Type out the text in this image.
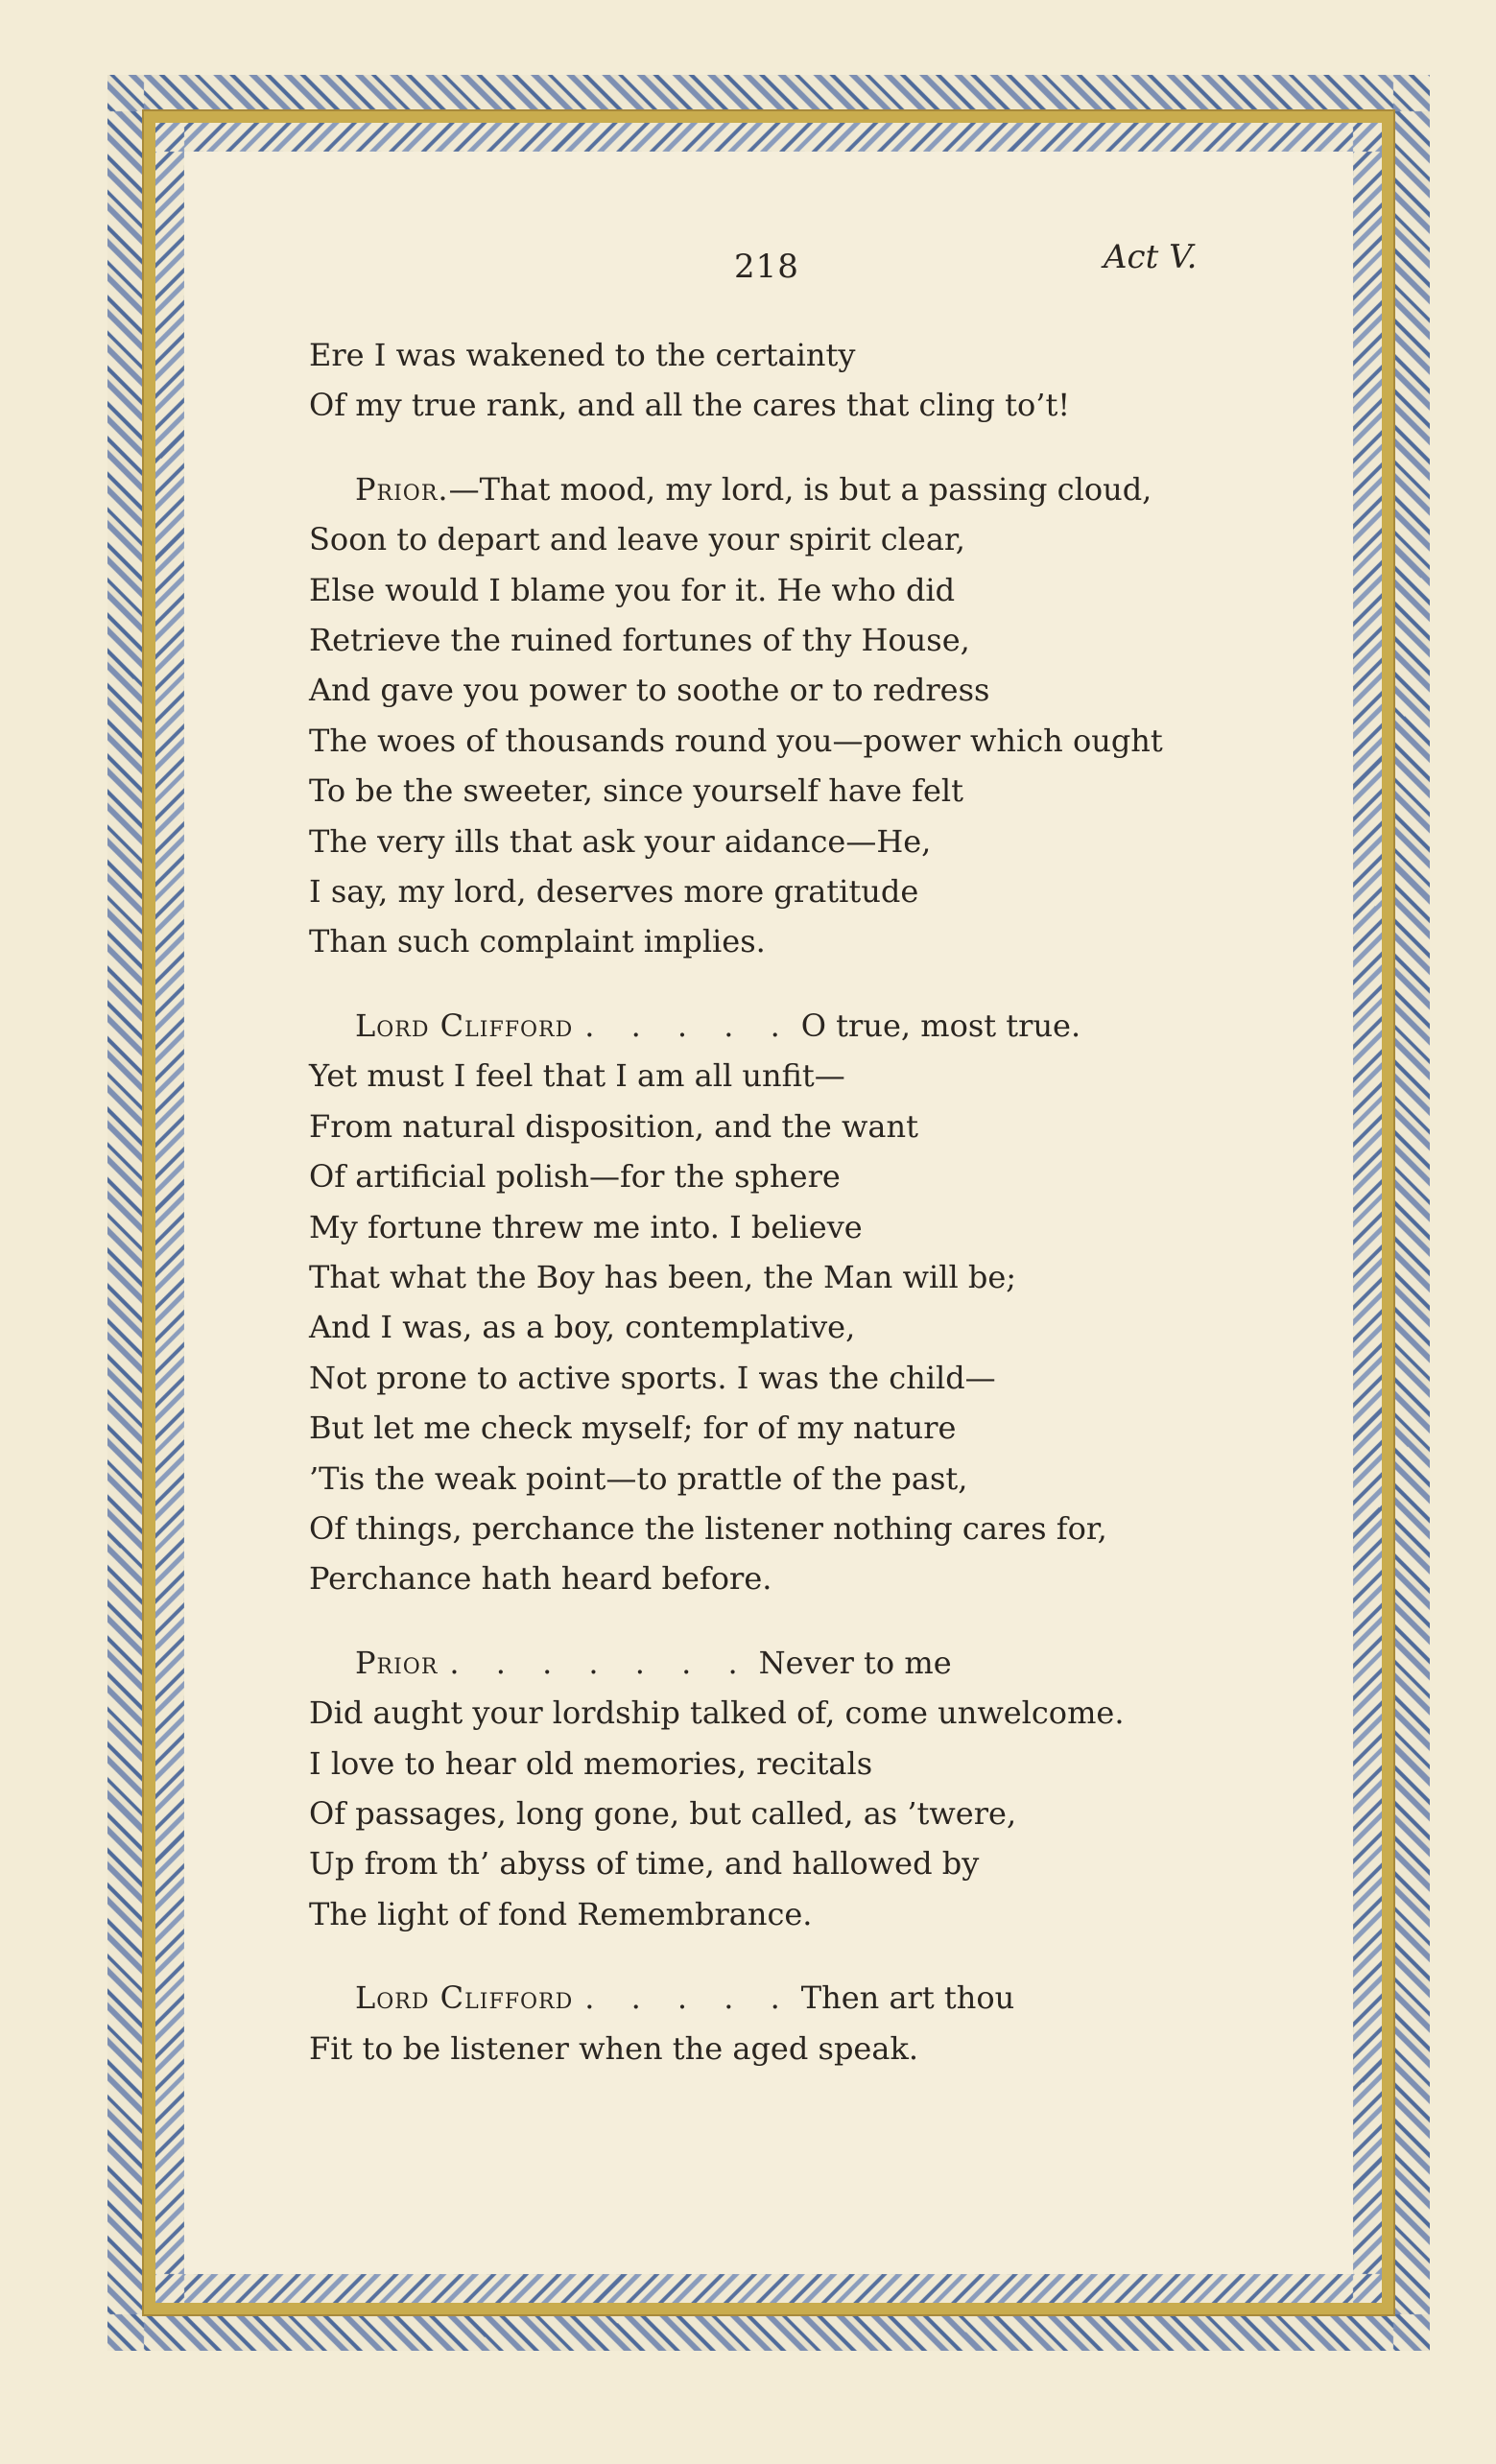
218	Act V.
Ere I was wakened to the certainty
Of my true rank, and all the cares that cling to’t!
Prior.—That mood, my lord, is but a passing cloud,
Soon to depart and leave your spirit clear,
Else would I blame you for it. He who did
Retrieve the ruined fortunes of thy House,
And gave you power to soothe or to redress
The woes of thousands round you—power which ought
To be the sweeter, since yourself have felt
The very ills that ask your aidance—He,
I say, my lord, deserves more gratitude
Than such complaint implies.
Lord Clifford . . . . . O true, most true.
Yet must I feel that I am all unfit—
From natural disposition, and the want
Of artificial polish—for the sphere
My fortune threw me into. I believe
That what the Boy has been, the Man will be;
And I was, as a boy, contemplative,
Not prone to active sports. I was the child—
But let me check myself; for of my nature
’Tis the weak point—to prattle of the past,
Of things, perchance the listener nothing cares for,
Perchance hath heard before.
Prior . . . . . . . Never to me
Did aught your lordship talked of, come unwelcome.
I love to hear old memories, recitals
Of passages, long gone, but called, as ’twere,
Up from th’ abyss of time, and hallowed by
The light of fond Remembrance.
Lord Clifford . . . . . Then art thou
Fit to be listener when the aged speak.
